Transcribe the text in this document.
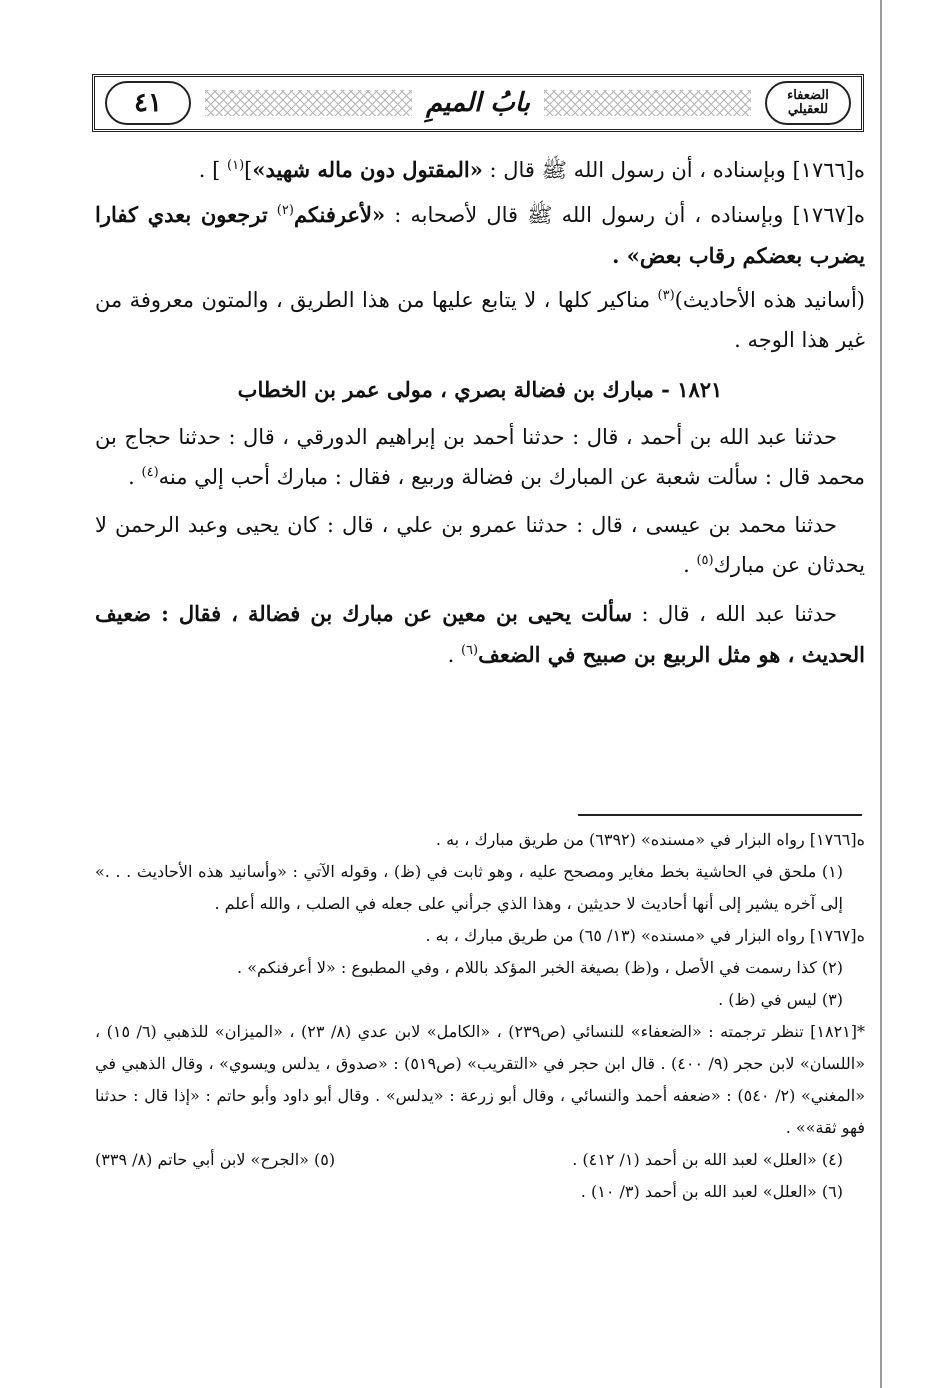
الضعفاء للعقيلي
بابُ الميمِ
٤١

ه[١٧٦٦] وبإسناده ، أن رسول الله ﷺ قال : «المقتول دون ماله شهيد»]$^{(١)}$ ] .

ه[١٧٦٧] وبإسناده ، أن رسول الله ﷺ قال لأصحابه : «لأعرفنكم$^{(٢)}$ ترجعون بعدي كفارا يضرب بعضكم رقاب بعض» .

(أسانيد هذه الأحاديث)$^{(٣)}$ مناكير كلها ، لا يتابع عليها من هذا الطريق ، والمتون معروفة من غير هذا الوجه .

١٨٢١ - مبارك بن فضالة بصري ، مولى عمر بن الخطاب

حدثنا عبد الله بن أحمد ، قال : حدثنا أحمد بن إبراهيم الدورقي ، قال : حدثنا حجاج بن محمد قال : سألت شعبة عن المبارك بن فضالة وربيع ، فقال : مبارك أحب إلي منه$^{(٤)}$ .

حدثنا محمد بن عيسى ، قال : حدثنا عمرو بن علي ، قال : كان يحيى وعبد الرحمن لا يحدثان عن مبارك$^{(٥)}$ .

حدثنا عبد الله ، قال : سألت يحيى بن معين عن مبارك بن فضالة ، فقال : ضعيف الحديث ، هو مثل الربيع بن صبيح في الضعف$^{(٦)}$ .

ه[١٧٦٦] رواه البزار في «مسنده» (٦٣٩٢) من طريق مبارك ، به .

(١) ملحق في الحاشية بخط مغاير ومصحح عليه ، وهو ثابت في (ظ) ، وقوله الآتي : «وأسانيد هذه الأحاديث . . .» إلى آخره يشير إلى أنها أحاديث لا حديثين ، وهذا الذي جرأني على جعله في الصلب ، والله أعلم .

ه[١٧٦٧] رواه البزار في «مسنده» (١٣/ ٦٥) من طريق مبارك ، به .

(٢) كذا رسمت في الأصل ، و(ظ) بصيغة الخبر المؤكد باللام ، وفي المطبوع : «لا أعرفنكم» .

(٣) ليس في (ظ) .

*[١٨٢١] تنظر ترجمته : «الضعفاء» للنسائي (ص٢٣٩) ، «الكامل» لابن عدي (٨/ ٢٣) ، «الميزان» للذهبي (٦/ ١٥) ، «اللسان» لابن حجر (٩/ ٤٠٠) . قال ابن حجر في «التقريب» (ص٥١٩) : «صدوق ، يدلس ويسوي» ، وقال الذهبي في «المغني» (٢/ ٥٤٠) : «ضعفه أحمد والنسائي ، وقال أبو زرعة : «يدلس» . وقال أبو داود وأبو حاتم : «إذا قال : حدثنا فهو ثقة»» .

(٤) «العلل» لعبد الله بن أحمد (١/ ٤١٢) .
(٥) «الجرح» لابن أبي حاتم (٨/ ٣٣٩)

(٦) «العلل» لعبد الله بن أحمد (٣/ ١٠) .
